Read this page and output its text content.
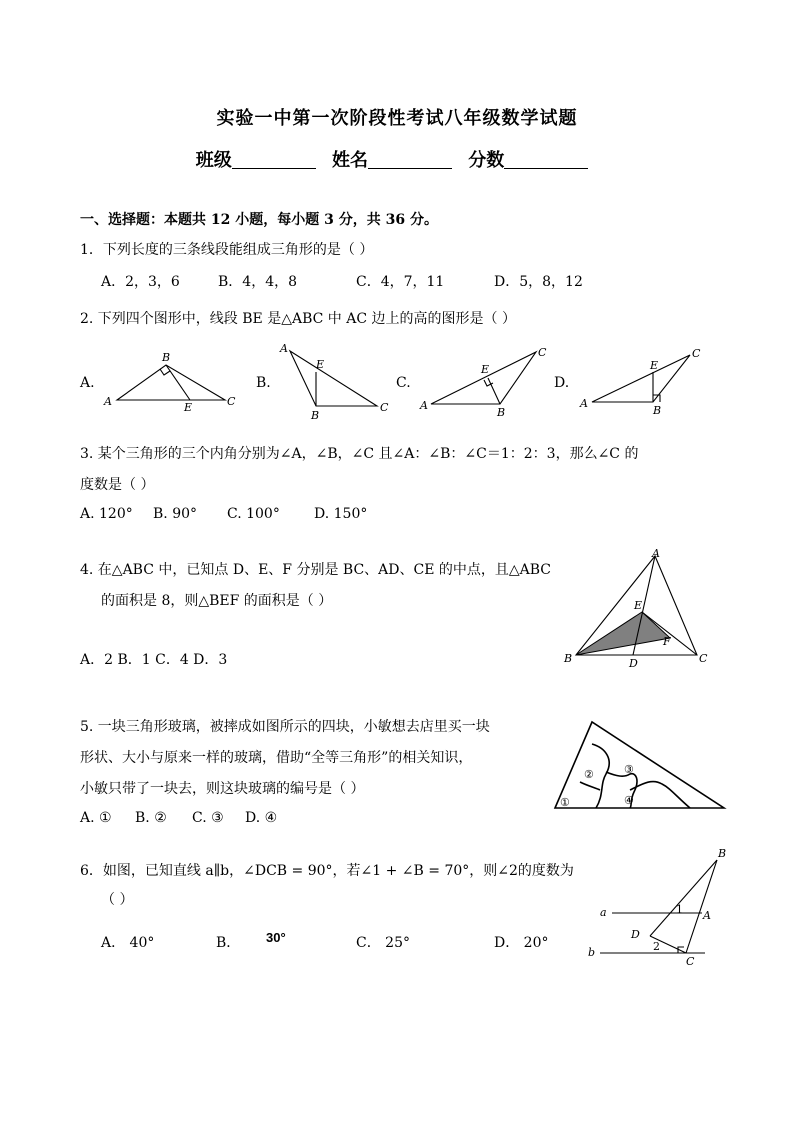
实验一中第一次阶段性考试八年级数学试题
班级	姓名	分数
一、选择题：本题共 12 小题，每小题 3 分，共 36 分。
1．下列长度的三条线段能组成三角形的是（ ）
A．2，3，6	B．4，4，8	C．4，7，11	D．5，8，12
2. 下列四个图形中，线段 BE 是△ABC 中 AC 边上的高的图形是（ ）
A.	B.	C.	D.
A
B
C
E
A
B
C
E
A
B
C
E
A
B
C
E
3. 某个三角形的三个内角分别为∠A，∠B，∠C 且∠A：∠B：∠C＝1：2：3，那么∠C 的
度数是（ ）
A. 120° B. 90° C. 100° D. 150°
4. 在△ABC 中，已知点 D、E、F 分别是 BC、AD、CE 的中点，且△ABC
的面积是 8，则△BEF 的面积是（ ）
A．2 B．1 C．4 D．3
A
B	C
D
E
F
5. 一块三角形玻璃，被摔成如图所示的四块，小敏想去店里买一块
形状、大小与原来一样的玻璃，借助“全等三角形”的相关知识，
小敏只带了一块去，则这块玻璃的编号是（ ）
A. ① B. ② C. ③ D. ④
①
②	③
④
6．如图，已知直线 a∥b，∠DCB = 90°，若∠1 + ∠B = 70°，则∠2的度数为
（ ）
A． 40°	B． 30°	C． 25°	D． 20°
B
a	1 A
D
2
b
C
